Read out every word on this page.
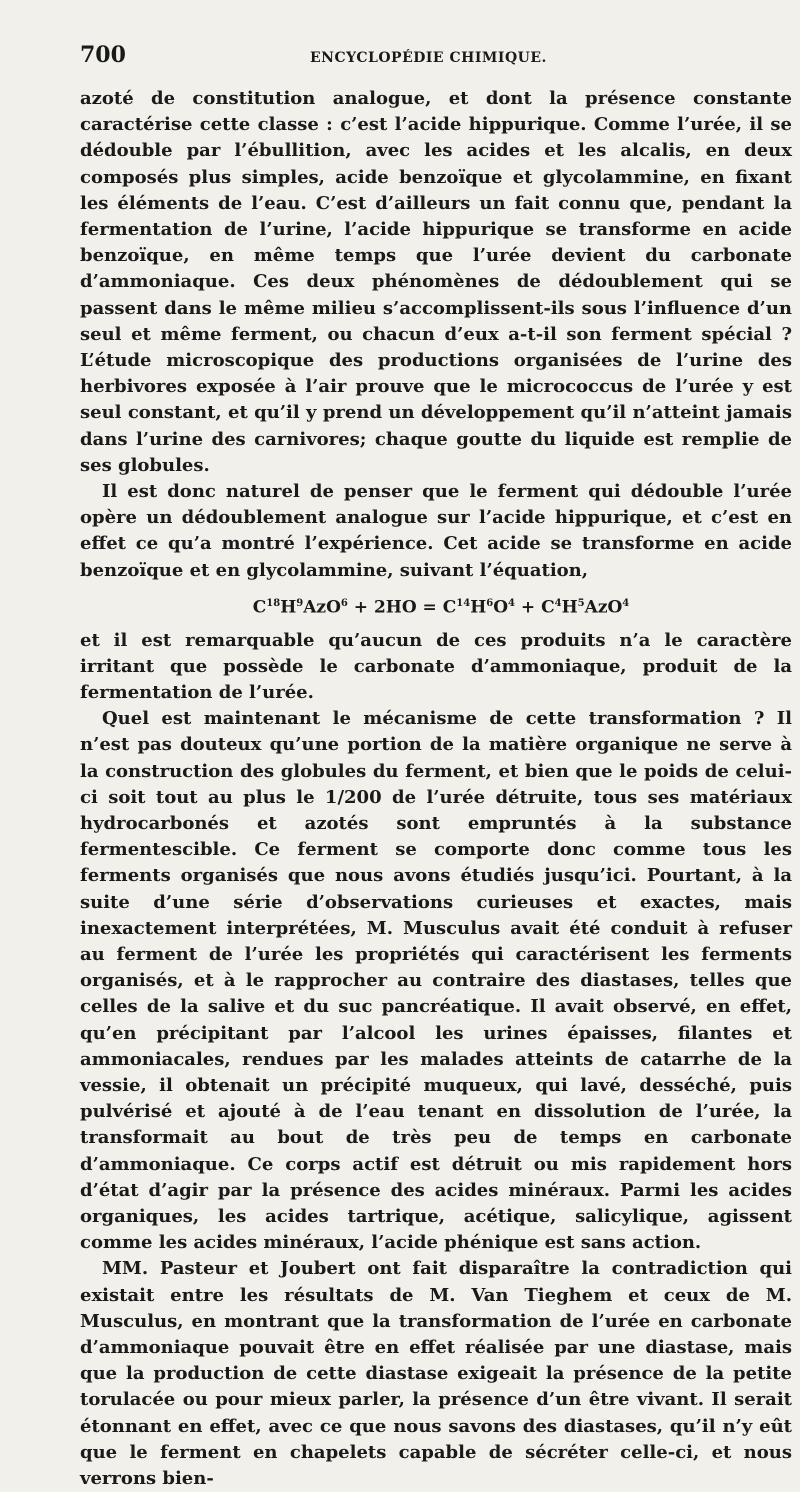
700	ENCYCLOPÉDIE CHIMIQUE.

azoté de constitution analogue, et dont la présence constante caractérise cette classe : c’est l’acide hippurique. Comme l’urée, il se dédouble par l’ébullition, avec les acides et les alcalis, en deux composés plus simples, acide benzoïque et glycolammine, en fixant les éléments de l’eau. C’est d’ailleurs un fait connu que, pendant la fermentation de l’urine, l’acide hippurique se transforme en acide benzoïque, en même temps que l’urée devient du carbonate d’ammoniaque. Ces deux phénomènes de dédoublement qui se passent dans le même milieu s’accomplissent-ils sous l’influence d’un seul et même ferment, ou chacun d’eux a-t-il son ferment spécial ? L’étude microscopique des productions organisées de l’urine des herbivores exposée à l’air prouve que le micrococcus de l’urée y est seul constant, et qu’il y prend un développement qu’il n’atteint jamais dans l’urine des carnivores; chaque goutte du liquide est remplie de ses globules.

Il est donc naturel de penser que le ferment qui dédouble l’urée opère un dédoublement analogue sur l’acide hippurique, et c’est en effet ce qu’a montré l’expérience. Cet acide se transforme en acide benzoïque et en glycolammine, suivant l’équation,

$C^{18}H^9AzO^6 + 2HO = C^{14}H^6O^4 + C^4H^5AzO^4$

et il est remarquable qu’aucun de ces produits n’a le caractère irritant que possède le carbonate d’ammoniaque, produit de la fermentation de l’urée.

Quel est maintenant le mécanisme de cette transformation ? Il n’est pas douteux qu’une portion de la matière organique ne serve à la construction des globules du ferment, et bien que le poids de celui-ci soit tout au plus le 1/200 de l’urée détruite, tous ses matériaux hydrocarbonés et azotés sont empruntés à la substance fermentescible. Ce ferment se comporte donc comme tous les ferments organisés que nous avons étudiés jusqu’ici. Pourtant, à la suite d’une série d’observations curieuses et exactes, mais inexactement interprétées, M. Musculus avait été conduit à refuser au ferment de l’urée les propriétés qui caractérisent les ferments organisés, et à le rapprocher au contraire des diastases, telles que celles de la salive et du suc pancréatique. Il avait observé, en effet, qu’en précipitant par l’alcool les urines épaisses, filantes et ammoniacales, rendues par les malades atteints de catarrhe de la vessie, il obtenait un précipité muqueux, qui lavé, desséché, puis pulvérisé et ajouté à de l’eau tenant en dissolution de l’urée, la transformait au bout de très peu de temps en carbonate d’ammoniaque. Ce corps actif est détruit ou mis rapidement hors d’état d’agir par la présence des acides minéraux. Parmi les acides organiques, les acides tartrique, acétique, salicylique, agissent comme les acides minéraux, l’acide phénique est sans action.

MM. Pasteur et Joubert ont fait disparaître la contradiction qui existait entre les résultats de M. Van Tieghem et ceux de M. Musculus, en montrant que la transformation de l’urée en carbonate d’ammoniaque pouvait être en effet réalisée par une diastase, mais que la production de cette diastase exigeait la présence de la petite torulacée ou pour mieux parler, la présence d’un être vivant. Il serait étonnant en effet, avec ce que nous savons des diastases, qu’il n’y eût que le ferment en chapelets capable de sécréter celle-ci, et nous verrons bien-
